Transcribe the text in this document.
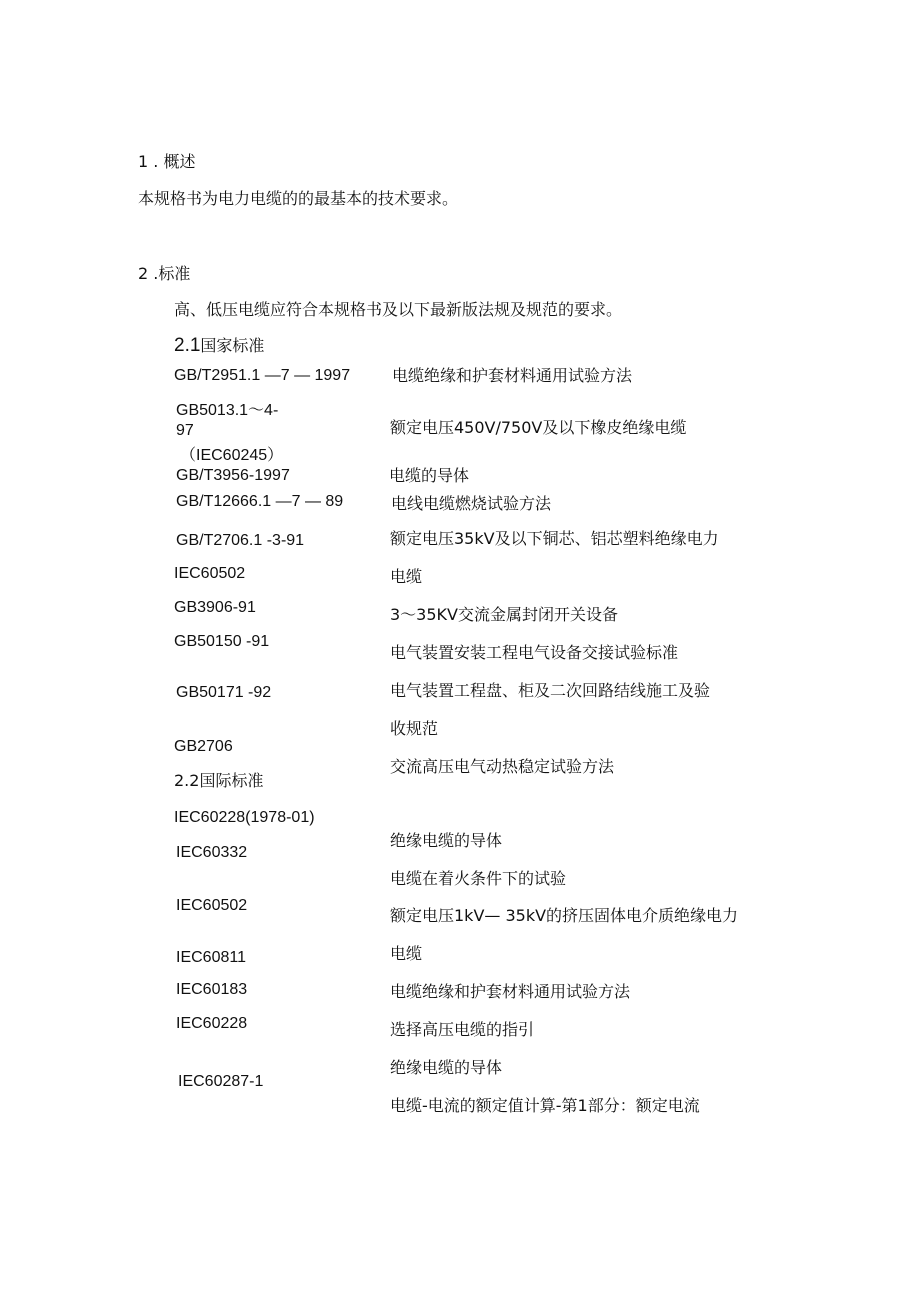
1 . 概述
本规格书为电力电缆的的最基本的技术要求。
2 .标准
高、低压电缆应符合本规格书及以下最新版法规及规范的要求。
2.1国家标准
GB/T2951.1 —7 — 1997
GB5013.1～4-
97
（IEC60245）
GB/T3956-1997
GB/T12666.1 —7 — 89
GB/T2706.1 -3-91
IEC60502
GB3906-91
GB50150 -91
GB50171 -92
GB2706
电缆绝缘和护套材料通用试验方法
额定电压450V/750V及以下橡皮绝缘电缆
电缆的导体
电线电缆燃烧试验方法
额定电压35kV及以下铜芯、铝芯塑料绝缘电力
电缆
3～35KV交流金属封闭开关设备
电气装置安装工程电气设备交接试验标准
电气装置工程盘、柜及二次回路结线施工及验
收规范
交流高压电气动热稳定试验方法
2.2国际标准
IEC60228(1978-01)
IEC60332
IEC60502
IEC60811
IEC60183
IEC60228
IEC60287-1
绝缘电缆的导体
电缆在着火条件下的试验
额定电压1kV— 35kV的挤压固体电介质绝缘电力
电缆
电缆绝缘和护套材料通用试验方法
选择高压电缆的指引
绝缘电缆的导体
电缆-电流的额定值计算-第1部分：额定电流
